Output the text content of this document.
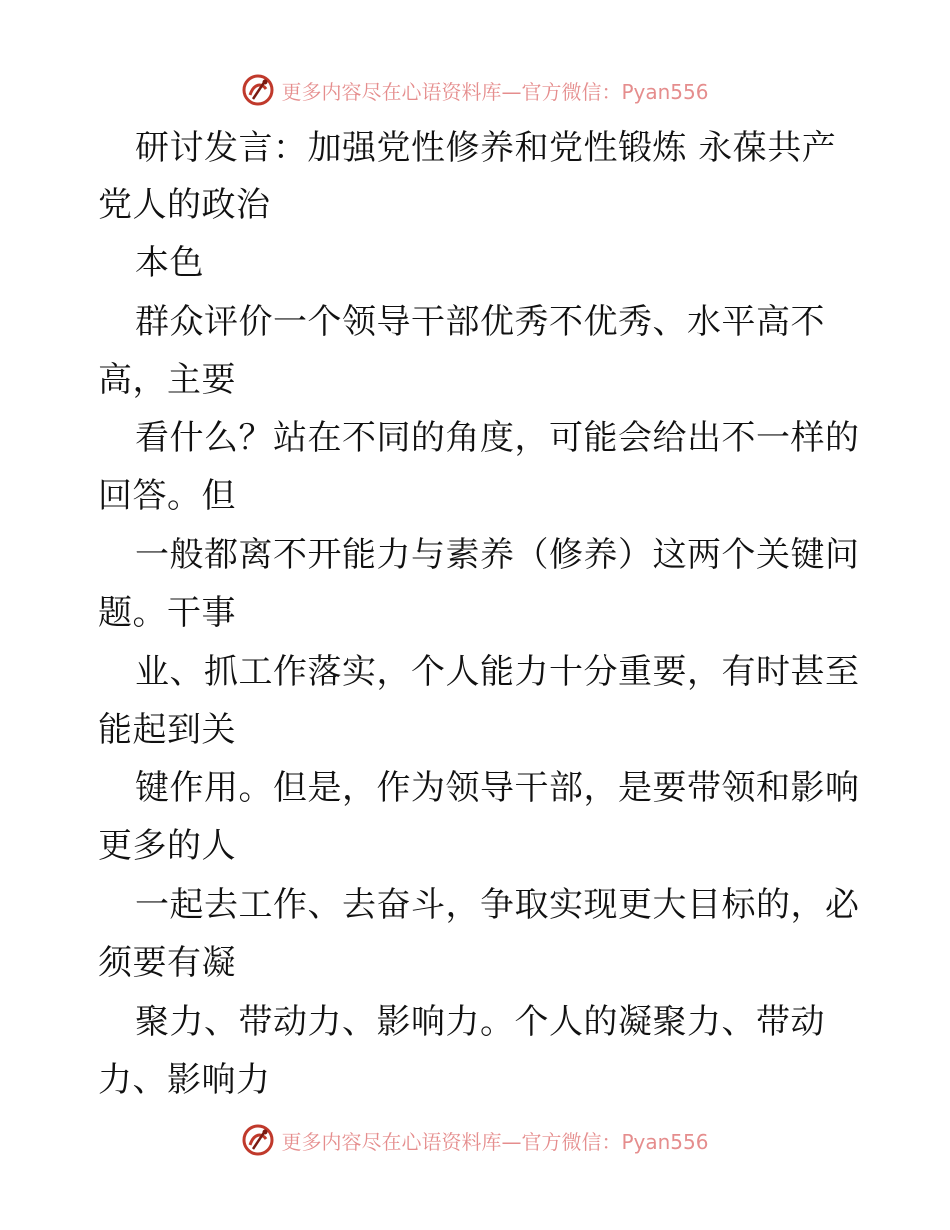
更多内容尽在心语资料库—官方微信：Pyan556
研讨发言：加强党性修养和党性锻炼 永葆共产
党人的政治
本色
群众评价一个领导干部优秀不优秀、水平高不
高，主要
看什么？站在不同的角度，可能会给出不一样的
回答。但
一般都离不开能力与素养（修养）这两个关键问
题。干事
业、抓工作落实，个人能力十分重要，有时甚至
能起到关
键作用。但是，作为领导干部，是要带领和影响
更多的人
一起去工作、去奋斗，争取实现更大目标的，必
须要有凝
聚力、带动力、影响力。个人的凝聚力、带动
力、影响力
更多内容尽在心语资料库—官方微信：Pyan556
